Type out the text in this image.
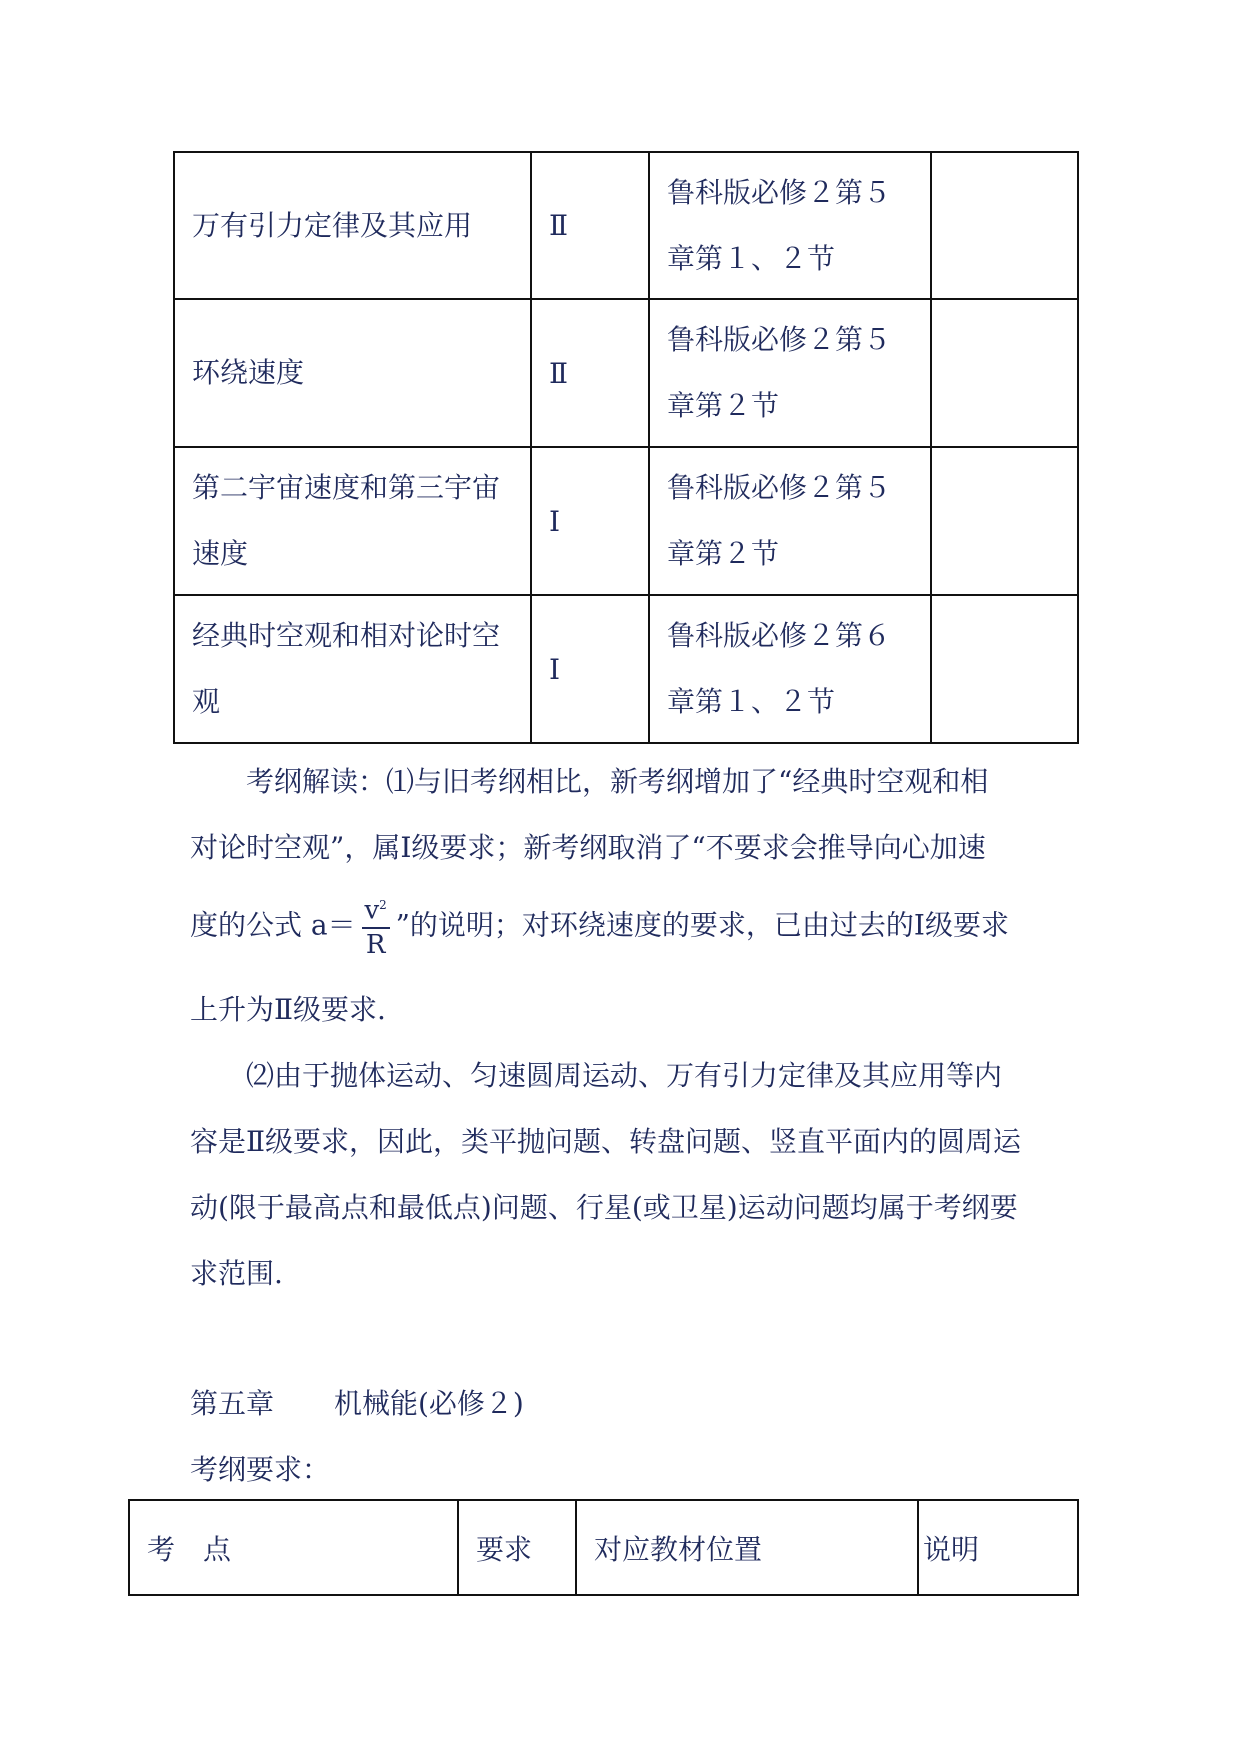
万有引力定律及其应用	Ⅱ	鲁科版必修２第５章第１、２节	
环绕速度	Ⅱ	鲁科版必修２第５章第２节	
第二宇宙速度和第三宇宙速度	Ⅰ	鲁科版必修２第５章第２节	
经典时空观和相对论时空观	Ⅰ	鲁科版必修２第６章第１、２节	
考纲解读：⑴与旧考纲相比，新考纲增加了“经典时空观和相
对论时空观”，属Ⅰ级要求；新考纲取消了“不要求会推导向心加速
度的公式 $a= \frac{v^2}{R}$ ”的说明；对环绕速度的要求，已由过去的Ⅰ级要求
上升为Ⅱ级要求.
⑵由于抛体运动、匀速圆周运动、万有引力定律及其应用等内
容是Ⅱ级要求，因此，类平抛问题、转盘问题、竖直平面内的圆周运
动(限于最高点和最低点)问题、行星(或卫星)运动问题均属于考纲要
求范围.
第五章 机械能(必修２)
考纲要求：
考　点	要求	对应教材位置	说明
